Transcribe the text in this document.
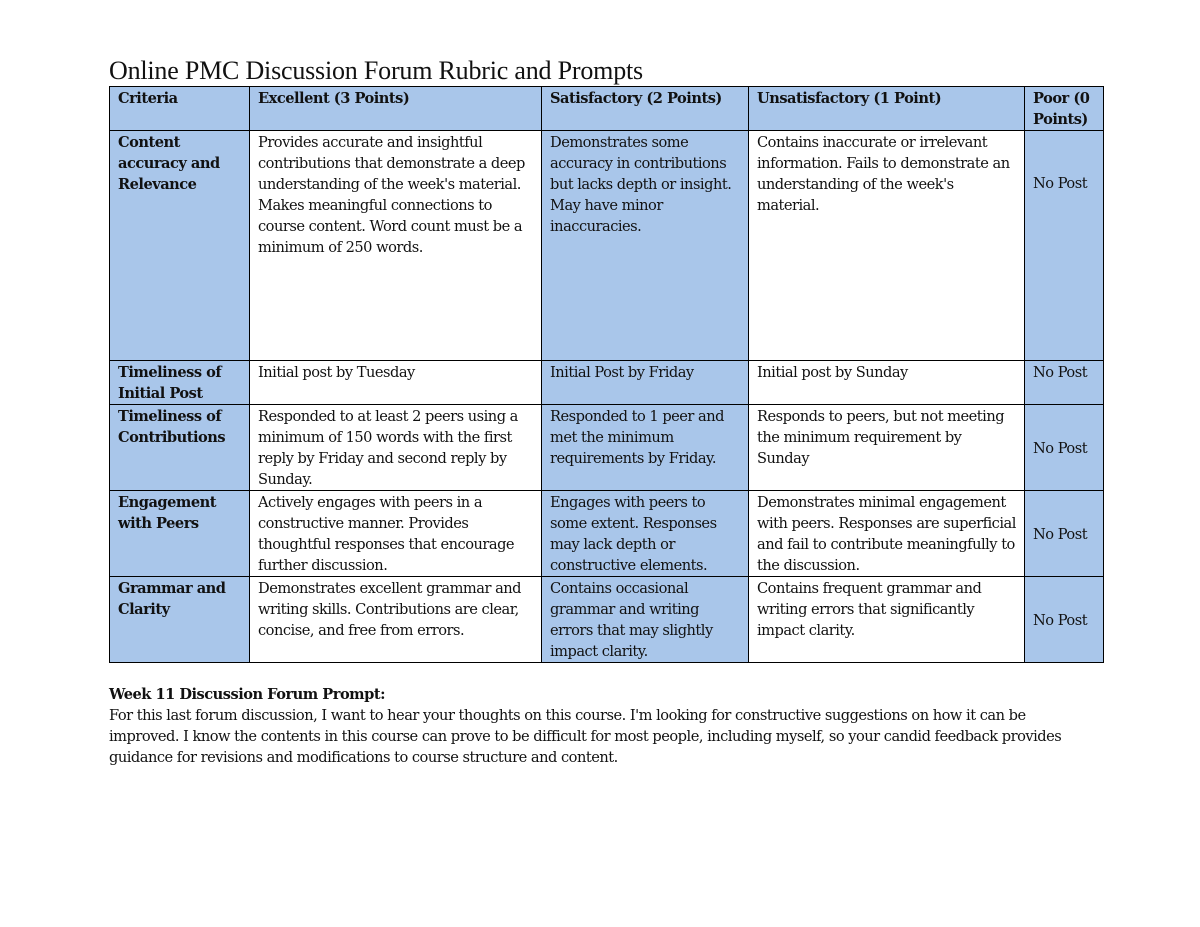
Online PMC Discussion Forum Rubric and Prompts
Criteria	Excellent (3 Points)	Satisfactory (2 Points)	Unsatisfactory (1 Point)	Poor (0 Points)
Content accuracy and Relevance	Provides accurate and insightful contributions that demonstrate a deep understanding of the week's material. Makes meaningful connections to course content. Word count must be a minimum of 250 words.	Demonstrates some accuracy in contributions but lacks depth or insight. May have minor inaccuracies.	Contains inaccurate or irrelevant information. Fails to demonstrate an understanding of the week's material.	No Post
Timeliness of Initial Post	Initial post by Tuesday	Initial Post by Friday	Initial post by Sunday	No Post
Timeliness of Contributions	Responded to at least 2 peers using a minimum of 150 words with the first reply by Friday and second reply by Sunday.	Responded to 1 peer and met the minimum requirements by Friday.	Responds to peers, but not meeting the minimum requirement by Sunday	No Post
Engagement with Peers	Actively engages with peers in a constructive manner. Provides thoughtful responses that encourage further discussion.	Engages with peers to some extent. Responses may lack depth or constructive elements.	Demonstrates minimal engagement with peers. Responses are superficial and fail to contribute meaningfully to the discussion.	No Post
Grammar and Clarity	Demonstrates excellent grammar and writing skills. Contributions are clear, concise, and free from errors.	Contains occasional grammar and writing errors that may slightly impact clarity.	Contains frequent grammar and writing errors that significantly impact clarity.	No Post
Week 11 Discussion Forum Prompt:
For this last forum discussion, I want to hear your thoughts on this course. I'm looking for constructive suggestions on how it can be improved. I know the contents in this course can prove to be difficult for most people, including myself, so your candid feedback provides guidance for revisions and modifications to course structure and content.
